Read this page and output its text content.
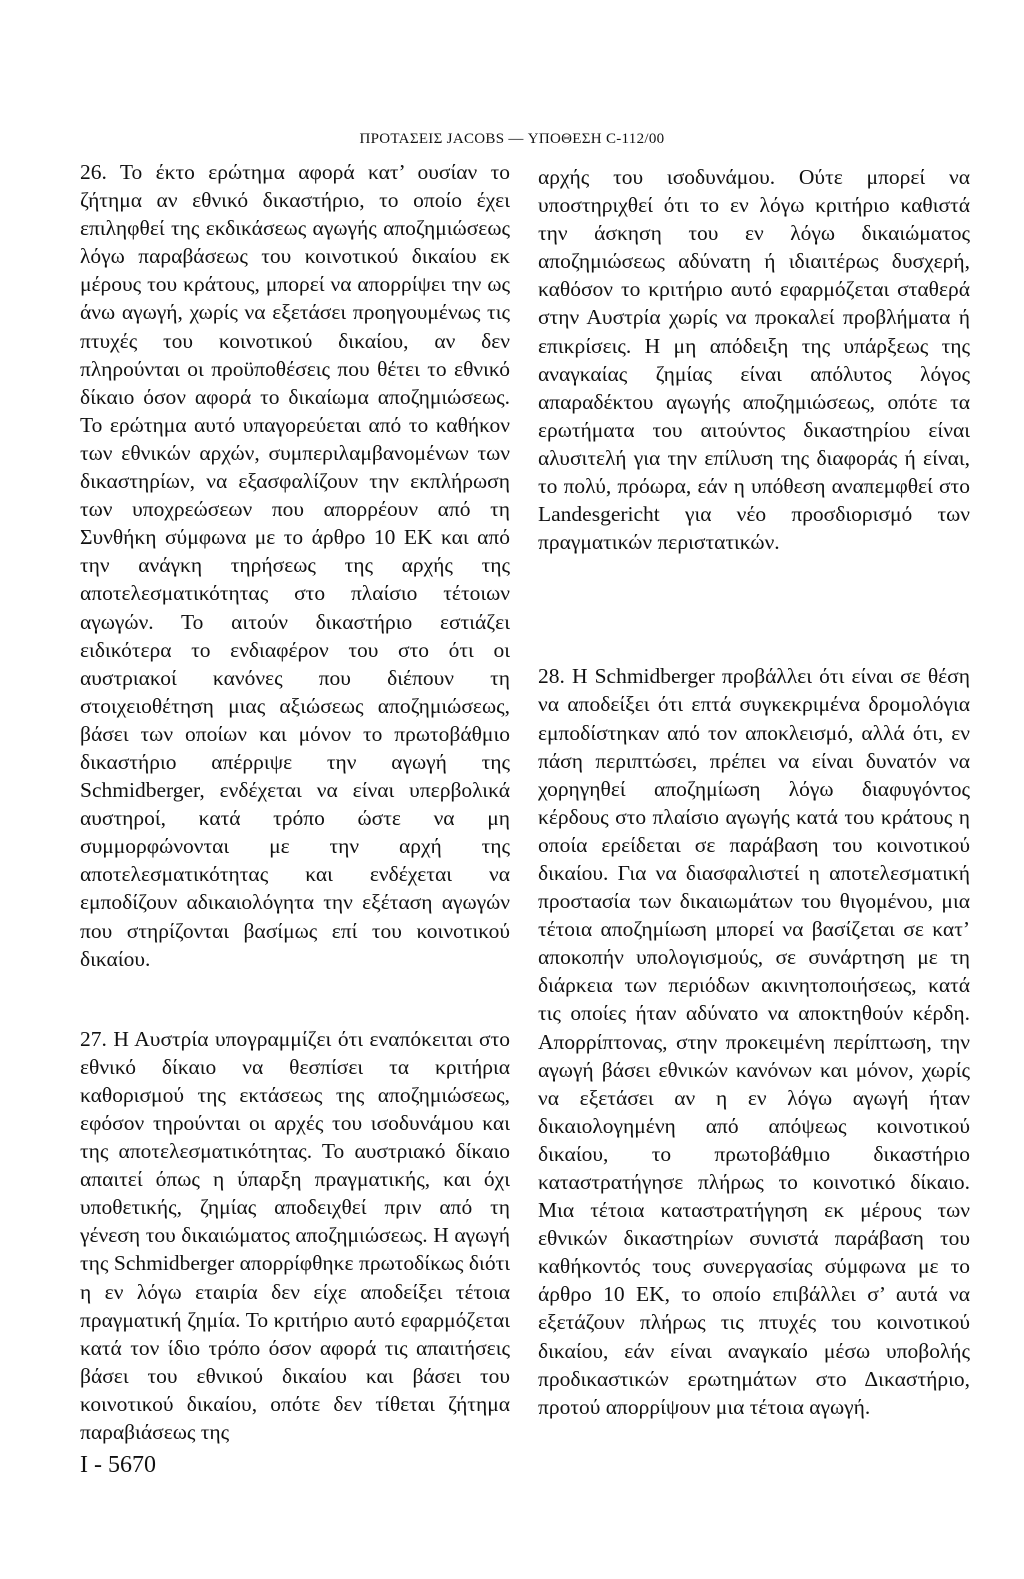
ΠΡΟΤΑΣΕΙΣ JACOBS — ΥΠΟΘΕΣΗ C-112/00

26. Το έκτο ερώτημα αφορά κατ’ ουσίαν το ζήτημα αν εθνικό δικαστήριο, το οποίο έχει επιληφθεί της εκδικάσεως αγωγής αποζημιώσεως λόγω παραβάσεως του κοινοτικού δικαίου εκ μέρους του κράτους, μπορεί να απορρίψει την ως άνω αγωγή, χωρίς να εξετάσει προηγουμένως τις πτυχές του κοινοτικού δικαίου, αν δεν πληρούνται οι προϋποθέσεις που θέτει το εθνικό δίκαιο όσον αφορά το δικαίωμα αποζημιώσεως. Το ερώτημα αυτό υπαγορεύεται από το καθήκον των εθνικών αρχών, συμπεριλαμβανομένων των δικαστηρίων, να εξασφαλίζουν την εκπλήρωση των υποχρεώσεων που απορρέουν από τη Συνθήκη σύμφωνα με το άρθρο 10 ΕΚ και από την ανάγκη τηρήσεως της αρχής της αποτελεσματικότητας στο πλαίσιο τέτοιων αγωγών. Το αιτούν δικαστήριο εστιάζει ειδικότερα το ενδιαφέρον του στο ότι οι αυστριακοί κανόνες που διέπουν τη στοιχειοθέτηση μιας αξιώσεως αποζημιώσεως, βάσει των οποίων και μόνον το πρωτοβάθμιο δικαστήριο απέρριψε την αγωγή της Schmidberger, ενδέχεται να είναι υπερβολικά αυστηροί, κατά τρόπο ώστε να μη συμμορφώνονται με την αρχή της αποτελεσματικότητας και ενδέχεται να εμποδίζουν αδικαιολόγητα την εξέταση αγωγών που στηρίζονται βασίμως επί του κοινοτικού δικαίου.

27. Η Αυστρία υπογραμμίζει ότι εναπόκειται στο εθνικό δίκαιο να θεσπίσει τα κριτήρια καθορισμού της εκτάσεως της αποζημιώσεως, εφόσον τηρούνται οι αρχές του ισοδυνάμου και της αποτελεσματικότητας. Το αυστριακό δίκαιο απαιτεί όπως η ύπαρξη πραγματικής, και όχι υποθετικής, ζημίας αποδειχθεί πριν από τη γένεση του δικαιώματος αποζημιώσεως. Η αγωγή της Schmidberger απορρίφθηκε πρωτοδίκως διότι η εν λόγω εταιρία δεν είχε αποδείξει τέτοια πραγματική ζημία. Το κριτήριο αυτό εφαρμόζεται κατά τον ίδιο τρόπο όσον αφορά τις απαιτήσεις βάσει του εθνικού δικαίου και βάσει του κοινοτικού δικαίου, οπότε δεν τίθεται ζήτημα παραβιάσεως της

αρχής του ισοδυνάμου. Ούτε μπορεί να υποστηριχθεί ότι το εν λόγω κριτήριο καθιστά την άσκηση του εν λόγω δικαιώματος αποζημιώσεως αδύνατη ή ιδιαιτέρως δυσχερή, καθόσον το κριτήριο αυτό εφαρμόζεται σταθερά στην Αυστρία χωρίς να προκαλεί προβλήματα ή επικρίσεις. Η μη απόδειξη της υπάρξεως της αναγκαίας ζημίας είναι απόλυτος λόγος απαραδέκτου αγωγής αποζημιώσεως, οπότε τα ερωτήματα του αιτούντος δικαστηρίου είναι αλυσιτελή για την επίλυση της διαφοράς ή είναι, το πολύ, πρόωρα, εάν η υπόθεση αναπεμφθεί στο Landesgericht για νέο προσδιορισμό των πραγματικών περιστατικών.

28. Η Schmidberger προβάλλει ότι είναι σε θέση να αποδείξει ότι επτά συγκεκριμένα δρομολόγια εμποδίστηκαν από τον αποκλεισμό, αλλά ότι, εν πάση περιπτώσει, πρέπει να είναι δυνατόν να χορηγηθεί αποζημίωση λόγω διαφυγόντος κέρδους στο πλαίσιο αγωγής κατά του κράτους η οποία ερείδεται σε παράβαση του κοινοτικού δικαίου. Για να διασφαλιστεί η αποτελεσματική προστασία των δικαιωμάτων του θιγομένου, μια τέτοια αποζημίωση μπορεί να βασίζεται σε κατ’ αποκοπήν υπολογισμούς, σε συνάρτηση με τη διάρκεια των περιόδων ακινητοποιήσεως, κατά τις οποίες ήταν αδύνατο να αποκτηθούν κέρδη. Απορρίπτονας, στην προκειμένη περίπτωση, την αγωγή βάσει εθνικών κανόνων και μόνον, χωρίς να εξετάσει αν η εν λόγω αγωγή ήταν δικαιολογημένη από απόψεως κοινοτικού δικαίου, το πρωτοβάθμιο δικαστήριο καταστρατήγησε πλήρως το κοινοτικό δίκαιο. Μια τέτοια καταστρατήγηση εκ μέρους των εθνικών δικαστηρίων συνιστά παράβαση του καθήκοντός τους συνεργασίας σύμφωνα με το άρθρο 10 ΕΚ, το οποίο επιβάλλει σ’ αυτά να εξετάζουν πλήρως τις πτυχές του κοινοτικού δικαίου, εάν είναι αναγκαίο μέσω υποβολής προδικαστικών ερωτημάτων στο Δικαστήριο, προτού απορρίψουν μια τέτοια αγωγή.

I - 5670
